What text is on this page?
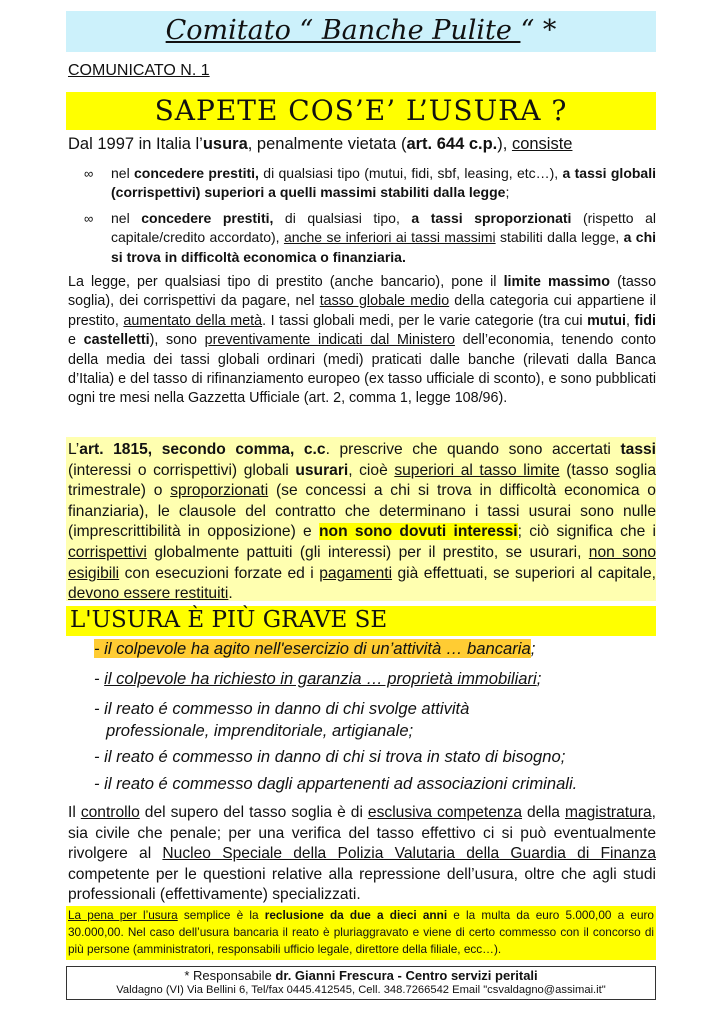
Comitato “ Banche Pulite “ *
COMUNICATO N. 1
SAPETE COS’E’ L’USURA ?
Dal 1997 in Italia l’usura, penalmente vietata (art. 644 c.p.), consiste
∞	nel concedere prestiti, di qualsiasi tipo (mutui, fidi, sbf, leasing, etc…), a tassi globali (corrispettivi) superiori a quelli massimi stabiliti dalla legge;
∞	nel concedere prestiti, di qualsiasi tipo, a tassi sproporzionati (rispetto al capitale/credito accordato), anche se inferiori ai tassi massimi stabiliti dalla legge, a chi si trova in difficoltà economica o finanziaria.
La legge, per qualsiasi tipo di prestito (anche bancario), pone il limite massimo (tasso soglia), dei corrispettivi da pagare, nel tasso globale medio della categoria cui appartiene il prestito, aumentato della metà. I tassi globali medi, per le varie categorie (tra cui mutui, fidi e castelletti), sono preventivamente indicati dal Ministero dell’economia, tenendo conto della media dei tassi globali ordinari (medi) praticati dalle banche (rilevati dalla Banca d’Italia) e del tasso di rifinanziamento europeo (ex tasso ufficiale di sconto), e sono pubblicati ogni tre mesi nella Gazzetta Ufficiale (art. 2, comma 1, legge 108/96).
L’art. 1815, secondo comma, c.c. prescrive che quando sono accertati tassi (interessi o corrispettivi) globali usurari, cioè superiori al tasso limite (tasso soglia trimestrale) o sproporzionati (se concessi a chi si trova in difficoltà economica o finanziaria), le clausole del contratto che determinano i tassi usurai sono nulle (imprescrittibilità in opposizione) e non sono dovuti interessi; ciò significa che i corrispettivi globalmente pattuiti (gli interessi) per il prestito, se usurari, non sono esigibili con esecuzioni forzate ed i pagamenti già effettuati, se superiori al capitale, devono essere restituiti.
L'USURA È PIÙ GRAVE SE
- il colpevole ha agito nell'esercizio di un’attività … bancaria;
- il colpevole ha richiesto in garanzia … proprietà immobiliari;
- il reato é commesso in danno di chi svolge attività
professionale, imprenditoriale, artigianale;
- il reato é commesso in danno di chi si trova in stato di bisogno;
- il reato é commesso dagli appartenenti ad associazioni criminali.
Il controllo del supero del tasso soglia è di esclusiva competenza della magistratura, sia civile che penale; per una verifica del tasso effettivo ci si può eventualmente rivolgere al Nucleo Speciale della Polizia Valutaria della Guardia di Finanza competente per le questioni relative alla repressione dell’usura, oltre che agli studi professionali (effettivamente) specializzati.
La pena per l’usura semplice è la reclusione da due a dieci anni e la multa da euro 5.000,00 a euro 30.000,00. Nel caso dell’usura bancaria il reato è pluriaggravato e viene di certo commesso con il concorso di più persone (amministratori, responsabili ufficio legale, direttore della filiale, ecc…).
* Responsabile dr. Gianni Frescura - Centro servizi peritali
Valdagno (VI) Via Bellini 6, Tel/fax 0445.412545, Cell. 348.7266542 Email "csvaldagno@assimai.it"
